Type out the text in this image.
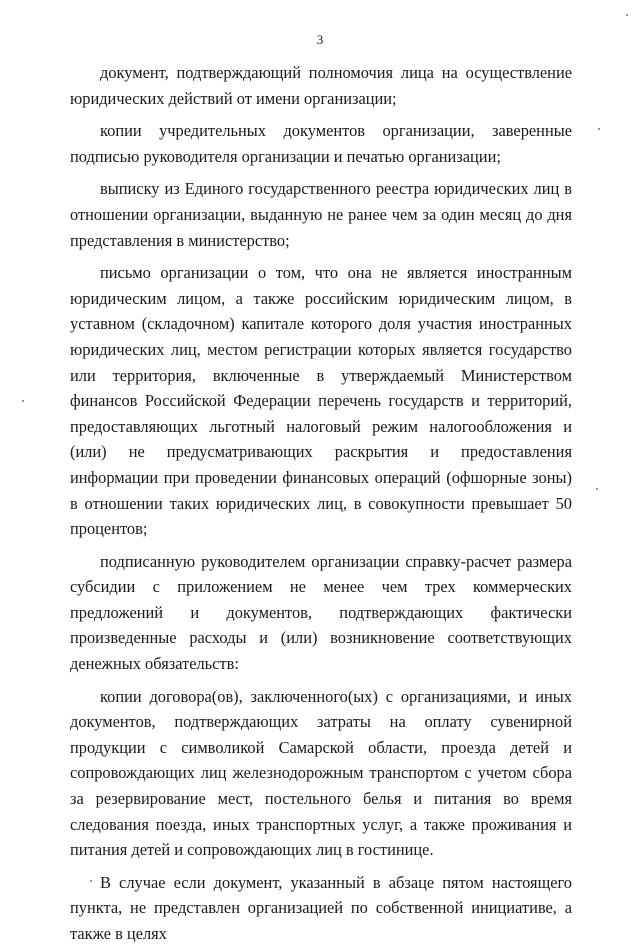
3

документ, подтверждающий полномочия лица на осуществление юридических действий от имени организации;

копии учредительных документов организации, заверенные подписью руководителя организации и печатью организации;

выписку из Единого государственного реестра юридических лиц в отношении организации, выданную не ранее чем за один месяц до дня представления в министерство;

письмо организации о том, что она не является иностранным юридическим лицом, а также российским юридическим лицом, в уставном (складочном) капитале которого доля участия иностранных юридических лиц, местом регистрации которых является государство или территория, включенные в утверждаемый Министерством финансов Российской Федерации перечень государств и территорий, предоставляющих льготный налоговый режим налогообложения и (или) не предусматривающих раскрытия и предоставления информации при проведении финансовых операций (офшорные зоны) в отношении таких юридических лиц, в совокупности превышает 50 процентов;

подписанную руководителем организации справку-расчет размера субсидии с приложением не менее чем трех коммерческих предложений и документов, подтверждающих фактически произведенные расходы и (или) возникновение соответствующих денежных обязательств:

копии договора(ов), заключенного(ых) с организациями, и иных документов, подтверждающих затраты на оплату сувенирной продукции с символикой Самарской области, проезда детей и сопровождающих лиц железнодорожным транспортом с учетом сбора за резервирование мест, постельного белья и питания во время следования поезда, иных транспортных услуг, а также проживания и питания детей и сопровождающих лиц в гостинице.

В случае если документ, указанный в абзаце пятом настоящего пункта, не представлен организацией по собственной инициативе, а также в целях
